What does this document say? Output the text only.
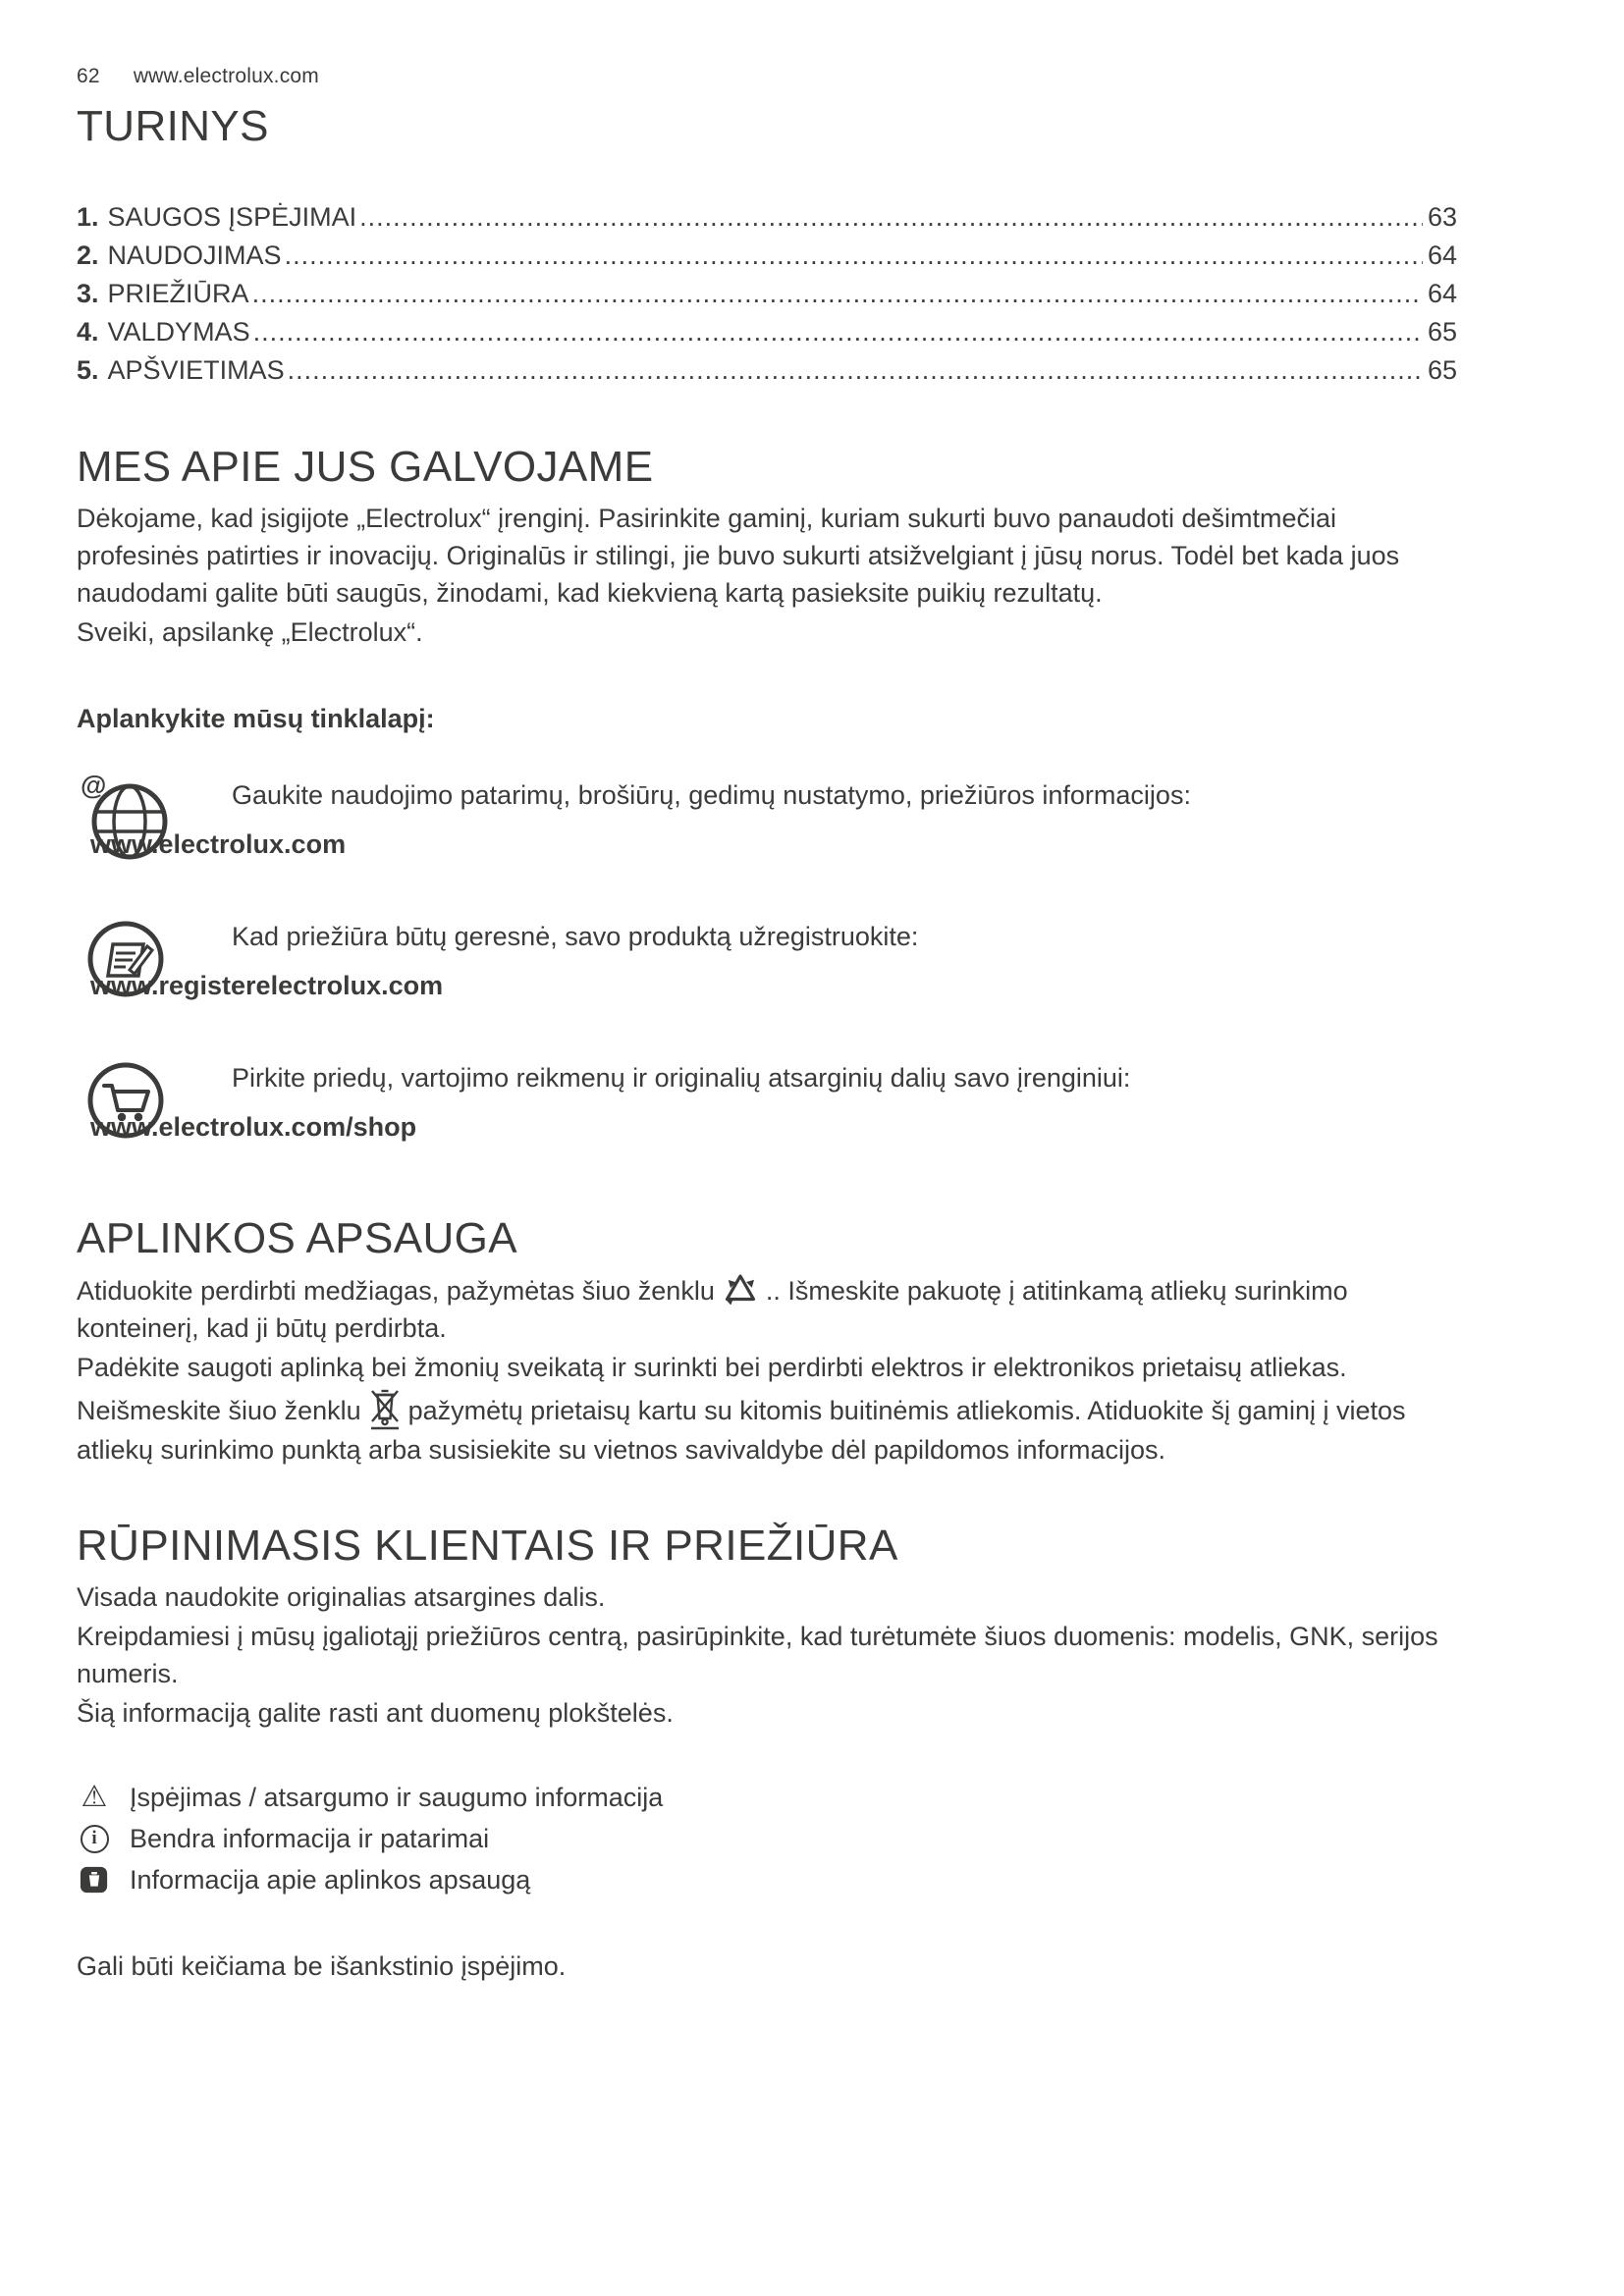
62 www.electrolux.com
TURINYS
1. SAUGOS ĮSPĖJIMAI .....	63
2. NAUDOJIMAS .....	64
3. PRIEŽIŪRA .....	64
4. VALDYMAS .....	65
5. APŠVIETIMAS .....	65
MES APIE JUS GALVOJAME

Dėkojame, kad įsigijote „Electrolux“ įrenginį. Pasirinkite gaminį, kuriam sukurti buvo panaudoti dešimtmečiai profesinės patirties ir inovacijų. Originalūs ir stilingi, jie buvo sukurti atsižvelgiant į jūsų norus. Todėl bet kada juos naudodami galite būti saugūs, žinodami, kad kiekvieną kartą pasieksite puikių rezultatų.

Sveiki, apsilankę „Electrolux“.

Aplankykite mūsų tinklalapį:

@	Gaukite naudojimo patarimų, brošiūrų, gedimų nustatymo, priežiūros informacijos:

www.electrolux.com

Kad priežiūra būtų geresnė, savo produktą užregistruokite:

www.registerelectrolux.com

Pirkite priedų, vartojimo reikmenų ir originalių atsarginių dalių savo įrenginiui:

www.electrolux.com/shop

APLINKOS APSAUGA

Atiduokite perdirbti medžiagas, pažymėtas šiuo ženklu .. Išmeskite pakuotę į atitinkamą atliekų surinkimo konteinerį, kad ji būtų perdirbta.

Padėkite saugoti aplinką bei žmonių sveikatą ir surinkti bei perdirbti elektros ir elektronikos prietaisų atliekas. Neišmeskite šiuo ženklu pažymėtų prietaisų kartu su kitomis buitinėmis atliekomis. Atiduokite šį gaminį į vietos atliekų surinkimo punktą arba susisiekite su vietnos savivaldybe dėl papildomos informacijos.

RŪPINIMASIS KLIENTAIS IR PRIEŽIŪRA

Visada naudokite originalias atsargines dalis.

Kreipdamiesi į mūsų įgaliotąjį priežiūros centrą, pasirūpinkite, kad turėtumėte šiuos duomenis: modelis, GNK, serijos numeris.

Šią informaciją galite rasti ant duomenų plokštelės.

⚠ Įspėjimas / atsargumo ir saugumo informacija
i Bendra informacija ir patarimai
Informacija apie aplinkos apsaugą

Gali būti keičiama be išankstinio įspėjimo.
